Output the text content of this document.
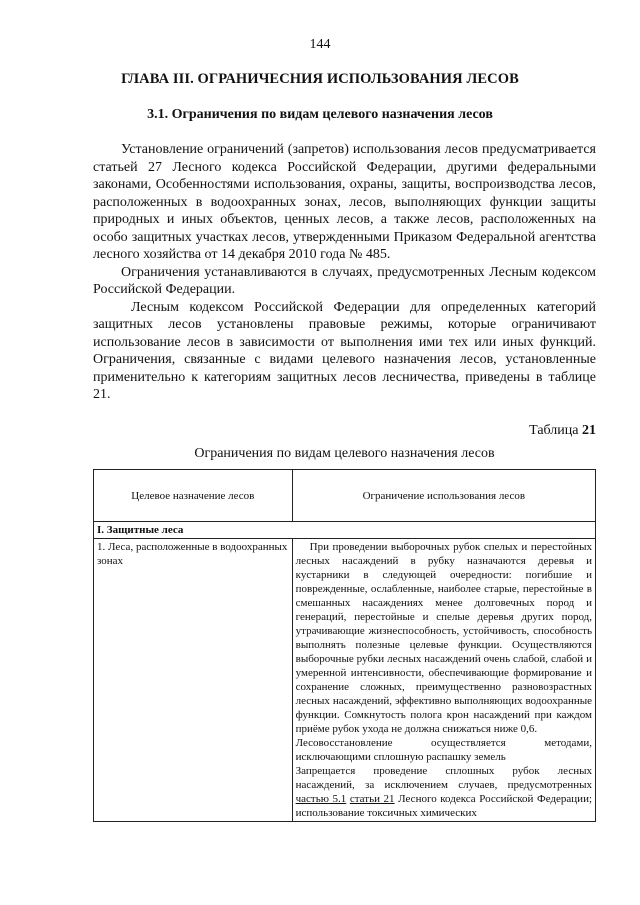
144
ГЛАВА III. ОГРАНИЧЕСНИЯ ИСПОЛЬЗОВАНИЯ ЛЕСОВ
3.1. Ограничения по видам целевого назначения лесов

Установление ограничений (запретов) использования лесов предусматривается статьей 27 Лесного кодекса Российской Федерации, другими федеральными законами, Особенностями использования, охраны, защиты, воспроизводства лесов, расположенных в водоохранных зонах, лесов, выполняющих функции защиты природных и иных объектов, ценных лесов, а также лесов, расположенных на особо защитных участках лесов, утвержденными Приказом Федеральной агентства лесного хозяйства от 14 декабря 2010 года № 485.

Ограничения устанавливаются в случаях, предусмотренных Лесным кодексом Российской Федерации.

Лесным кодексом Российской Федерации для определенных категорий защитных лесов установлены правовые режимы, которые ограничивают использование лесов в зависимости от выполнения ими тех или иных функций. Ограничения, связанные с видами целевого назначения лесов, установленные применительно к категориям защитных лесов лесничества, приведены в таблице 21.

Таблица 21
Ограничения по видам целевого назначения лесов
Целевое назначение лесов	Ограничение использования лесов
I. Защитные леса	
1. Леса, расположенные в водоохранных зонах	При проведении выборочных рубок спелых и перестойных лесных насаждений в рубку назначаются деревья и кустарники в следующей очередности: погибшие и поврежденные, ослабленные, наиболее старые, перестойные в смешанных насаждениях менее долговечных пород и генераций, перестойные и спелые деревья других пород, утрачивающие жизнеспособность, устойчивость, способность выполнять полезные целевые функции. Осуществляются выборочные рубки лесных насаждений очень слабой, слабой и умеренной интенсивности, обеспечивающие формирование и сохранение сложных, преимущественно разновозрастных лесных насаждений, эффективно выполняющих водоохранные функции. Сомкнутость полога крон насаждений при каждом приёме рубок ухода не должна снижаться ниже 0,6.

Лесовосстановление осуществляется методами, исключающими сплошную распашку земель

Запрещается проведение сплошных рубок лесных насаждений, за исключением случаев, предусмотренных частью 5.1 статьи 21 Лесного кодекса Российской Федерации; использование токсичных химических
